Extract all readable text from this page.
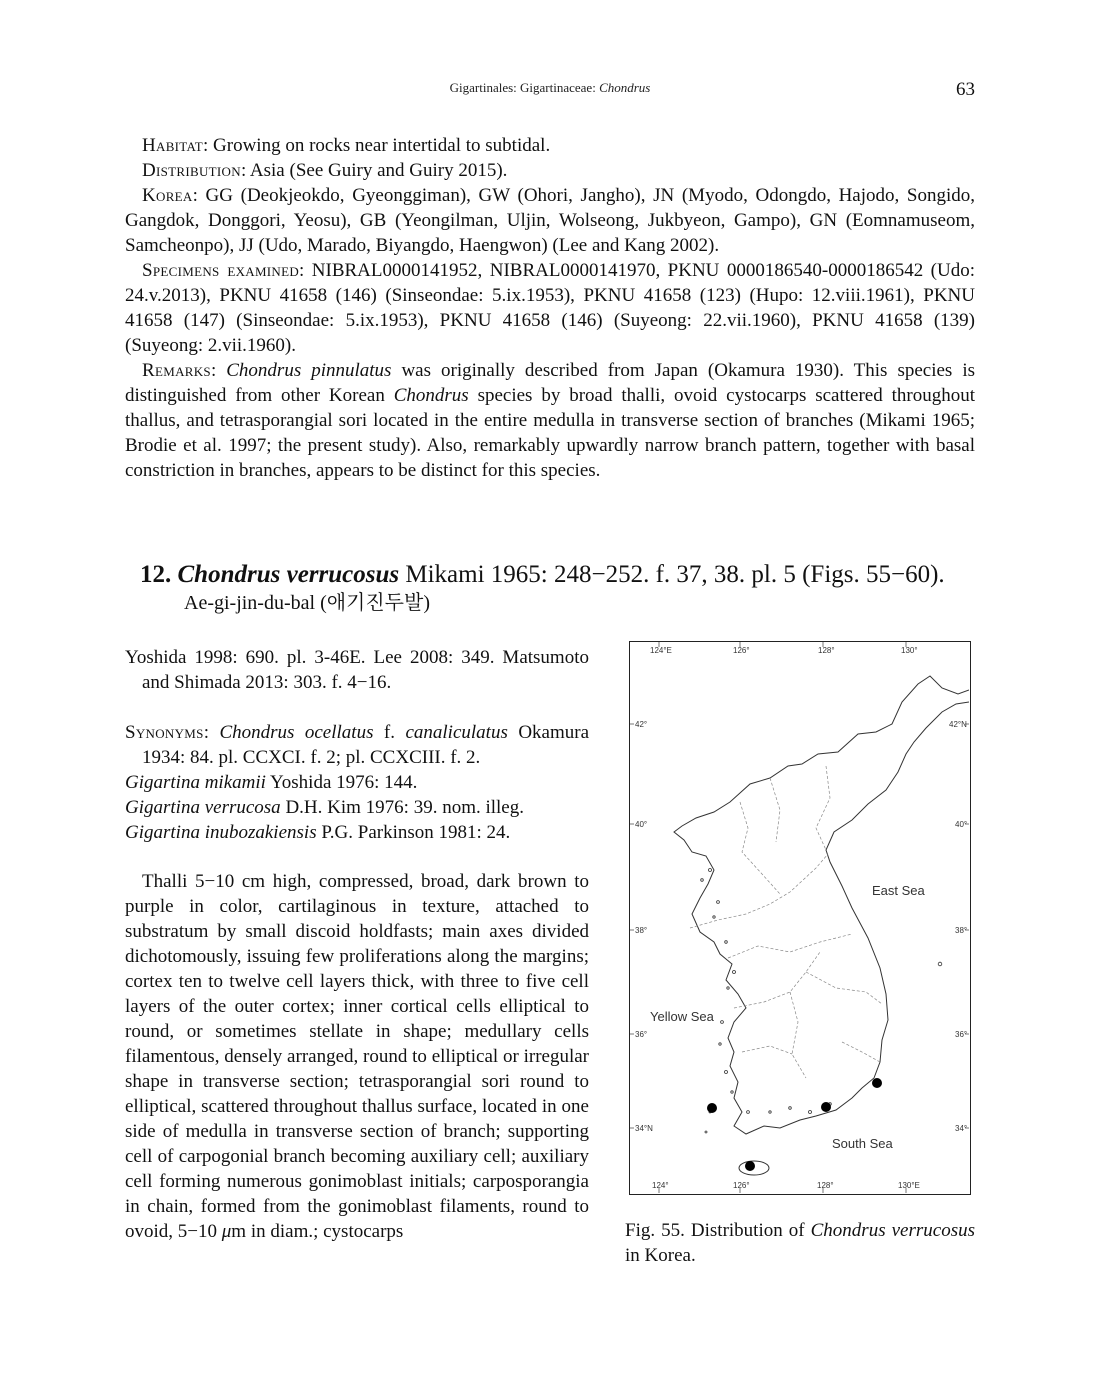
Gigartinales: Gigartinaceae: Chondrus	63

Habitat: Growing on rocks near intertidal to subtidal.

Distribution: Asia (See Guiry and Guiry 2015).

Korea: GG (Deokjeokdo, Gyeonggiman), GW (Ohori, Jangho), JN (Myodo, Odongdo, Hajodo, Songido, Gangdok, Donggori, Yeosu), GB (Yeongilman, Uljin, Wolseong, Jukbyeon, Gampo), GN (Eomnamuseom, Samcheonpo), JJ (Udo, Marado, Biyangdo, Haengwon) (Lee and Kang 2002).

Specimens examined: NIBRAL0000141952, NIBRAL0000141970, PKNU 0000186540-0000186542 (Udo: 24.v.2013), PKNU 41658 (146) (Sinseondae: 5.ix.1953), PKNU 41658 (123) (Hupo: 12.viii.1961), PKNU 41658 (147) (Sinseondae: 5.ix.1953), PKNU 41658 (146) (Suyeong: 22.vii.1960), PKNU 41658 (139) (Suyeong: 2.vii.1960).

Remarks: Chondrus pinnulatus was originally described from Japan (Okamura 1930). This species is distinguished from other Korean Chondrus species by broad thalli, ovoid cystocarps scattered throughout thallus, and tetrasporangial sori located in the entire medulla in transverse section of branches (Mikami 1965; Brodie et al. 1997; the present study). Also, remarkably upwardly narrow branch pattern, together with basal constriction in branches, appears to be distinct for this species.

12. Chondrus verrucosus Mikami 1965: 248−252. f. 37, 38. pl. 5 (Figs. 55−60).
Ae-gi-jin-du-bal (애기진두발)

Yoshida 1998: 690. pl. 3-46E. Lee 2008: 349. Matsumoto and Shimada 2013: 303. f. 4−16.

Synonyms: Chondrus ocellatus f. canaliculatus Okamura 1934: 84. pl. CCXCI. f. 2; pl. CCXCIII. f. 2.

Gigartina mikamii Yoshida 1976: 144.

Gigartina verrucosa D.H. Kim 1976: 39. nom. illeg.

Gigartina inubozakiensis P.G. Parkinson 1981: 24.

Thalli 5−10 cm high, compressed, broad, dark brown to purple in color, cartilaginous in texture, attached to substratum by small discoid holdfasts; main axes divided dichotomously, issuing few proliferations along the margins; cortex ten to twelve cell layers thick, with three to five cell layers of the outer cortex; inner cortical cells elliptical to round, or sometimes stellate in shape; medullary cells filamentous, densely arranged, round to elliptical or irregular shape in transverse section; tetrasporangial sori round to elliptical, scattered throughout thallus surface, located in one side of medulla in transverse section of branch; supporting cell of carpogonial branch becoming auxiliary cell; auxiliary cell forming numerous gonimoblast initials; carposporangia in chain, formed from the gonimoblast filaments, round to ovoid, 5−10 μm in diam.; cystocarps

124°E	126°	128°	130°
124°	126°	128°	130°E
42°
40°
38°
36°
34°N
42°N
40°
38°
36°
34°
East Sea
Yellow Sea
South Sea
Fig. 55. Distribution of Chondrus verrucosus in Korea.
